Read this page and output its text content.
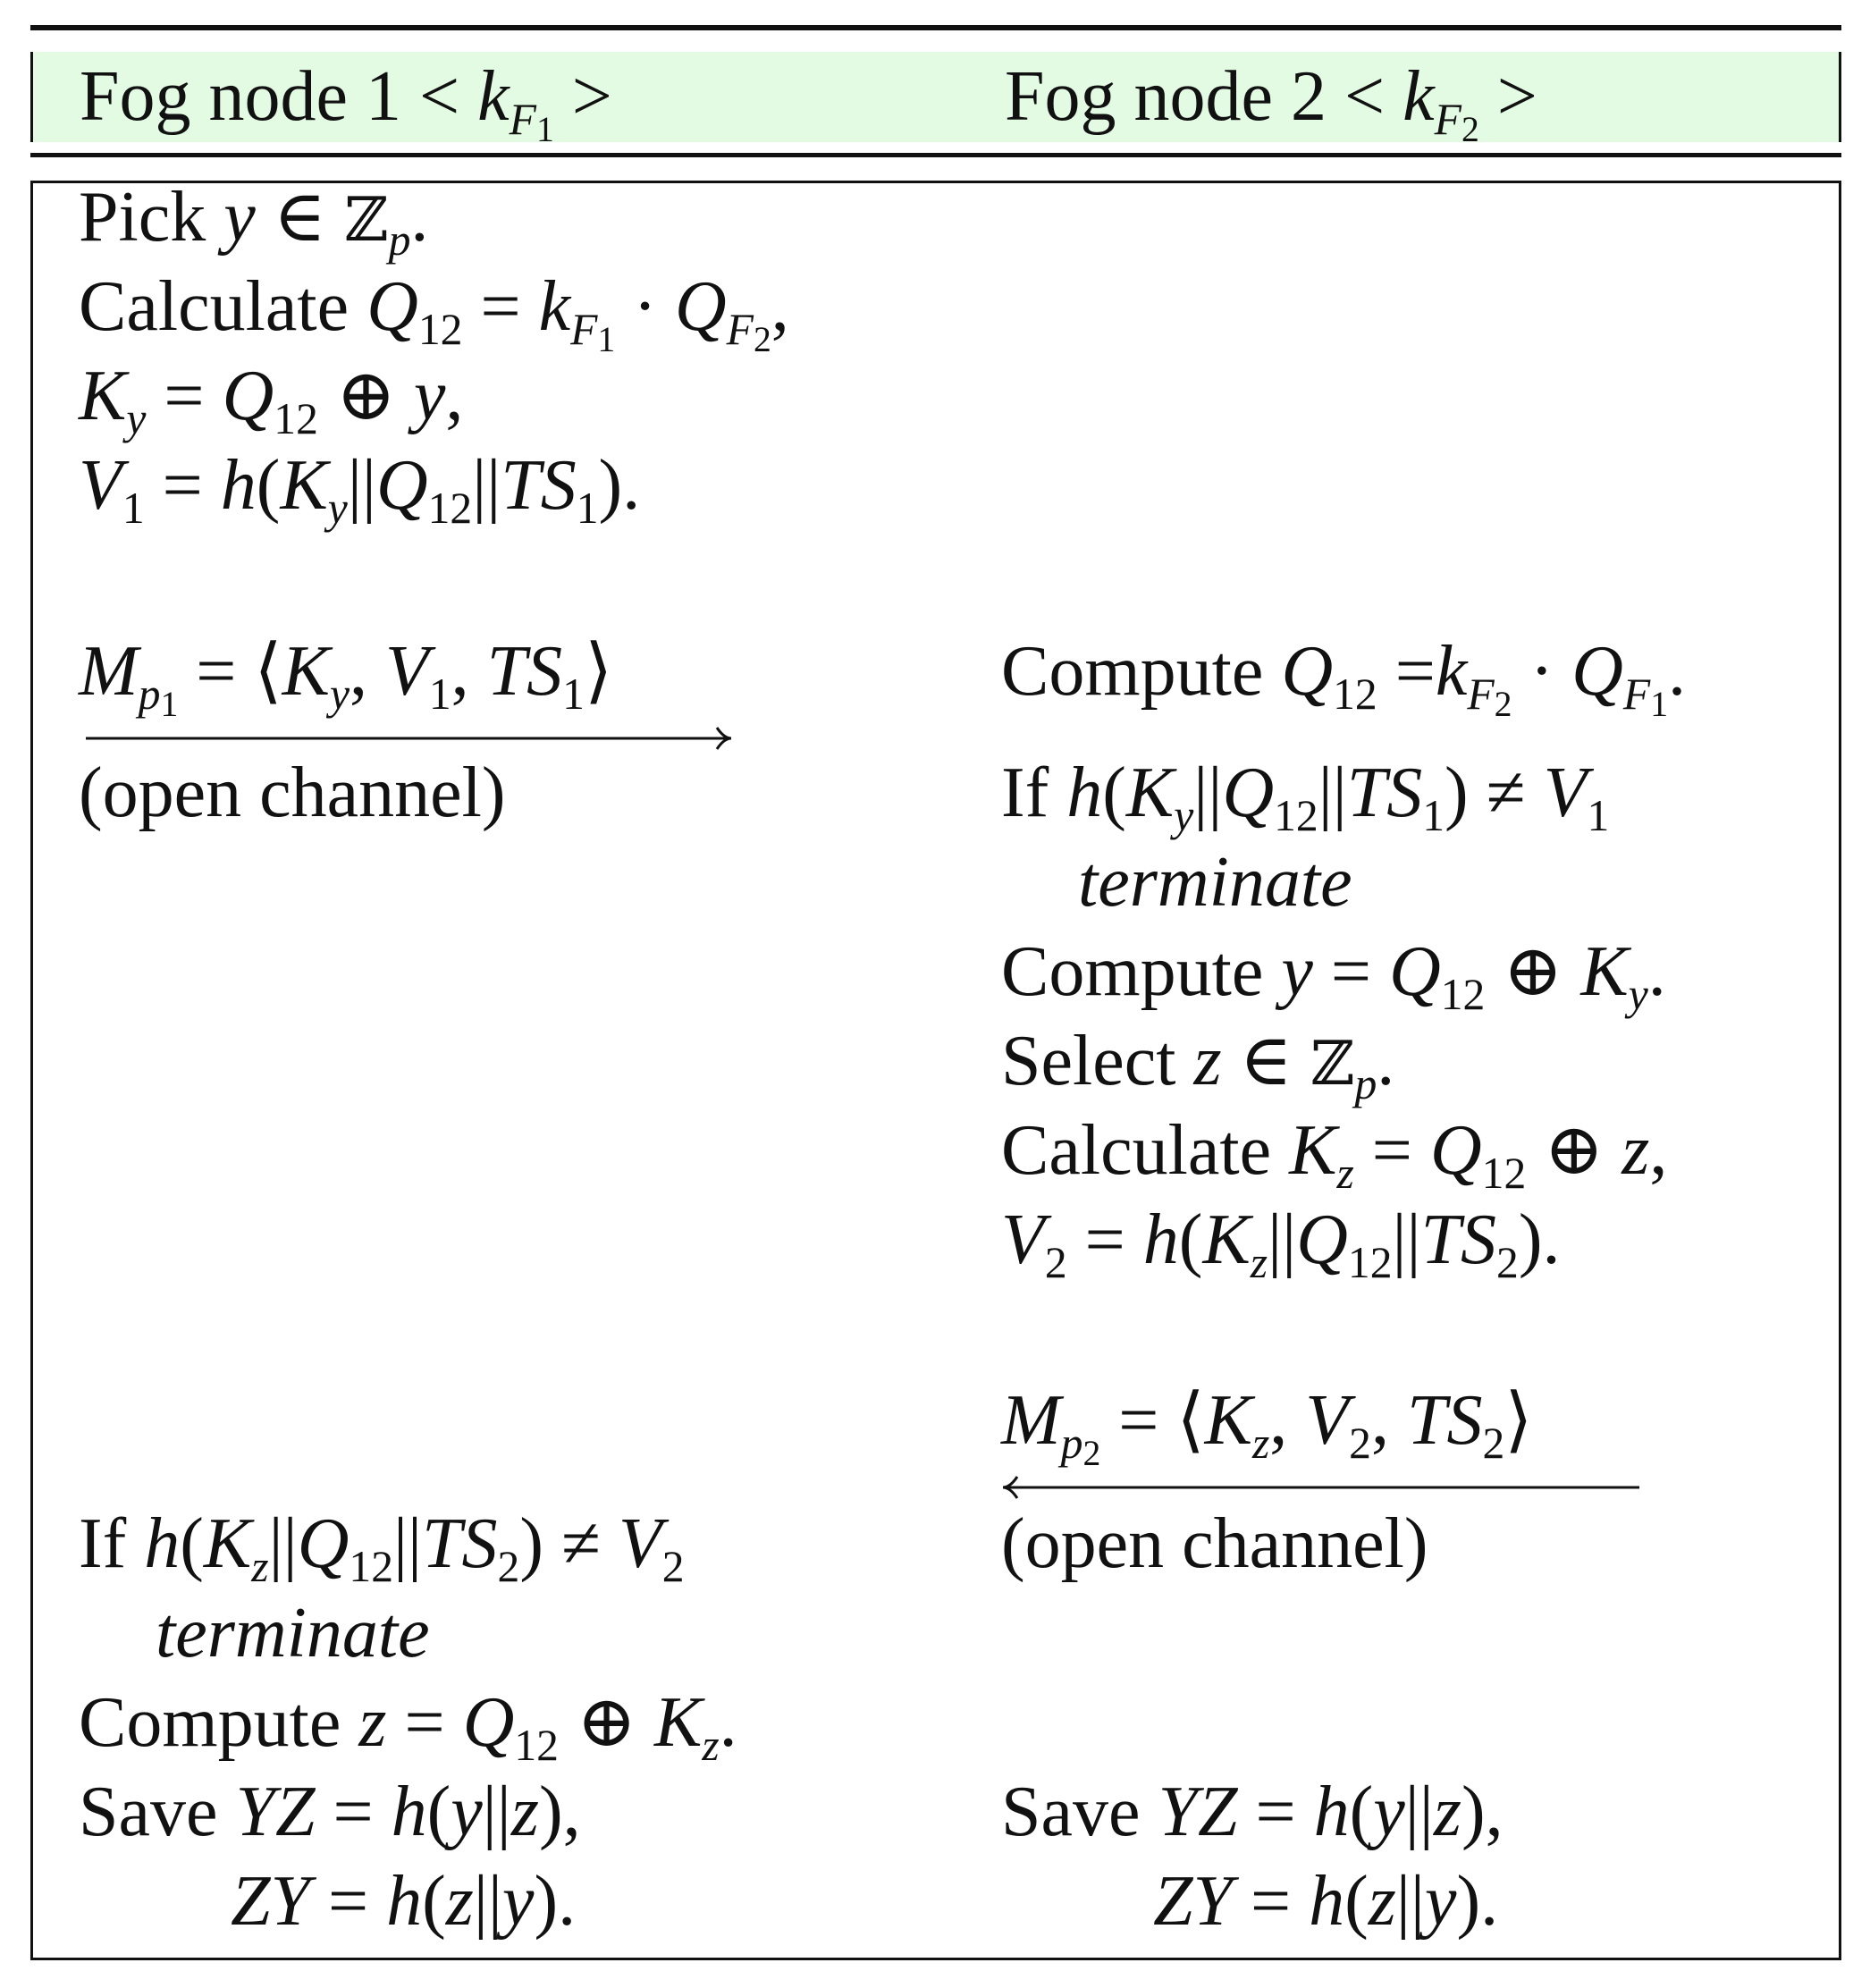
Fog node $1 < k_{F_1}$ >	Fog node $2 < k_{F_2}$ >
Pick y ∈ ℤ$_p$.
Calculate $Q_{12} = k_{F_1} \cdot Q_{F_2}$,
$K_y = Q_{12}$ ⊕ y,
$V_1 = h(K_y||Q_{12}||TS_1)$.
$M_{p_1}$ = $⟨K_y$, $V_1$, $TS_1⟩$
(open channel)
If $h(K_z||Q_{12}||TS_2) \ne V_2$
terminate
Compute $z = Q_{12}$ ⊕ $K_z$.
Save YZ = h(y||z),
ZY = h(z||y).
Compute $Q_{12} =k_{F_2} \cdot Q_{F_1}$.
If $h(K_y||Q_{12}||TS_1) \ne V_1$
terminate
Compute $y = Q_{12}$ ⊕ $K_y$.
Select z ∈ ℤ$_p$.
Calculate $K_z = Q_{12}$ ⊕ z,
$V_2 = h(K_z||Q_{12}||TS_2)$.
$M_{p_2}$ = $⟨K_z$, $V_2$, $TS_2⟩$
(open channel)
Save YZ = h(y||z),
ZY = h(z||y).
